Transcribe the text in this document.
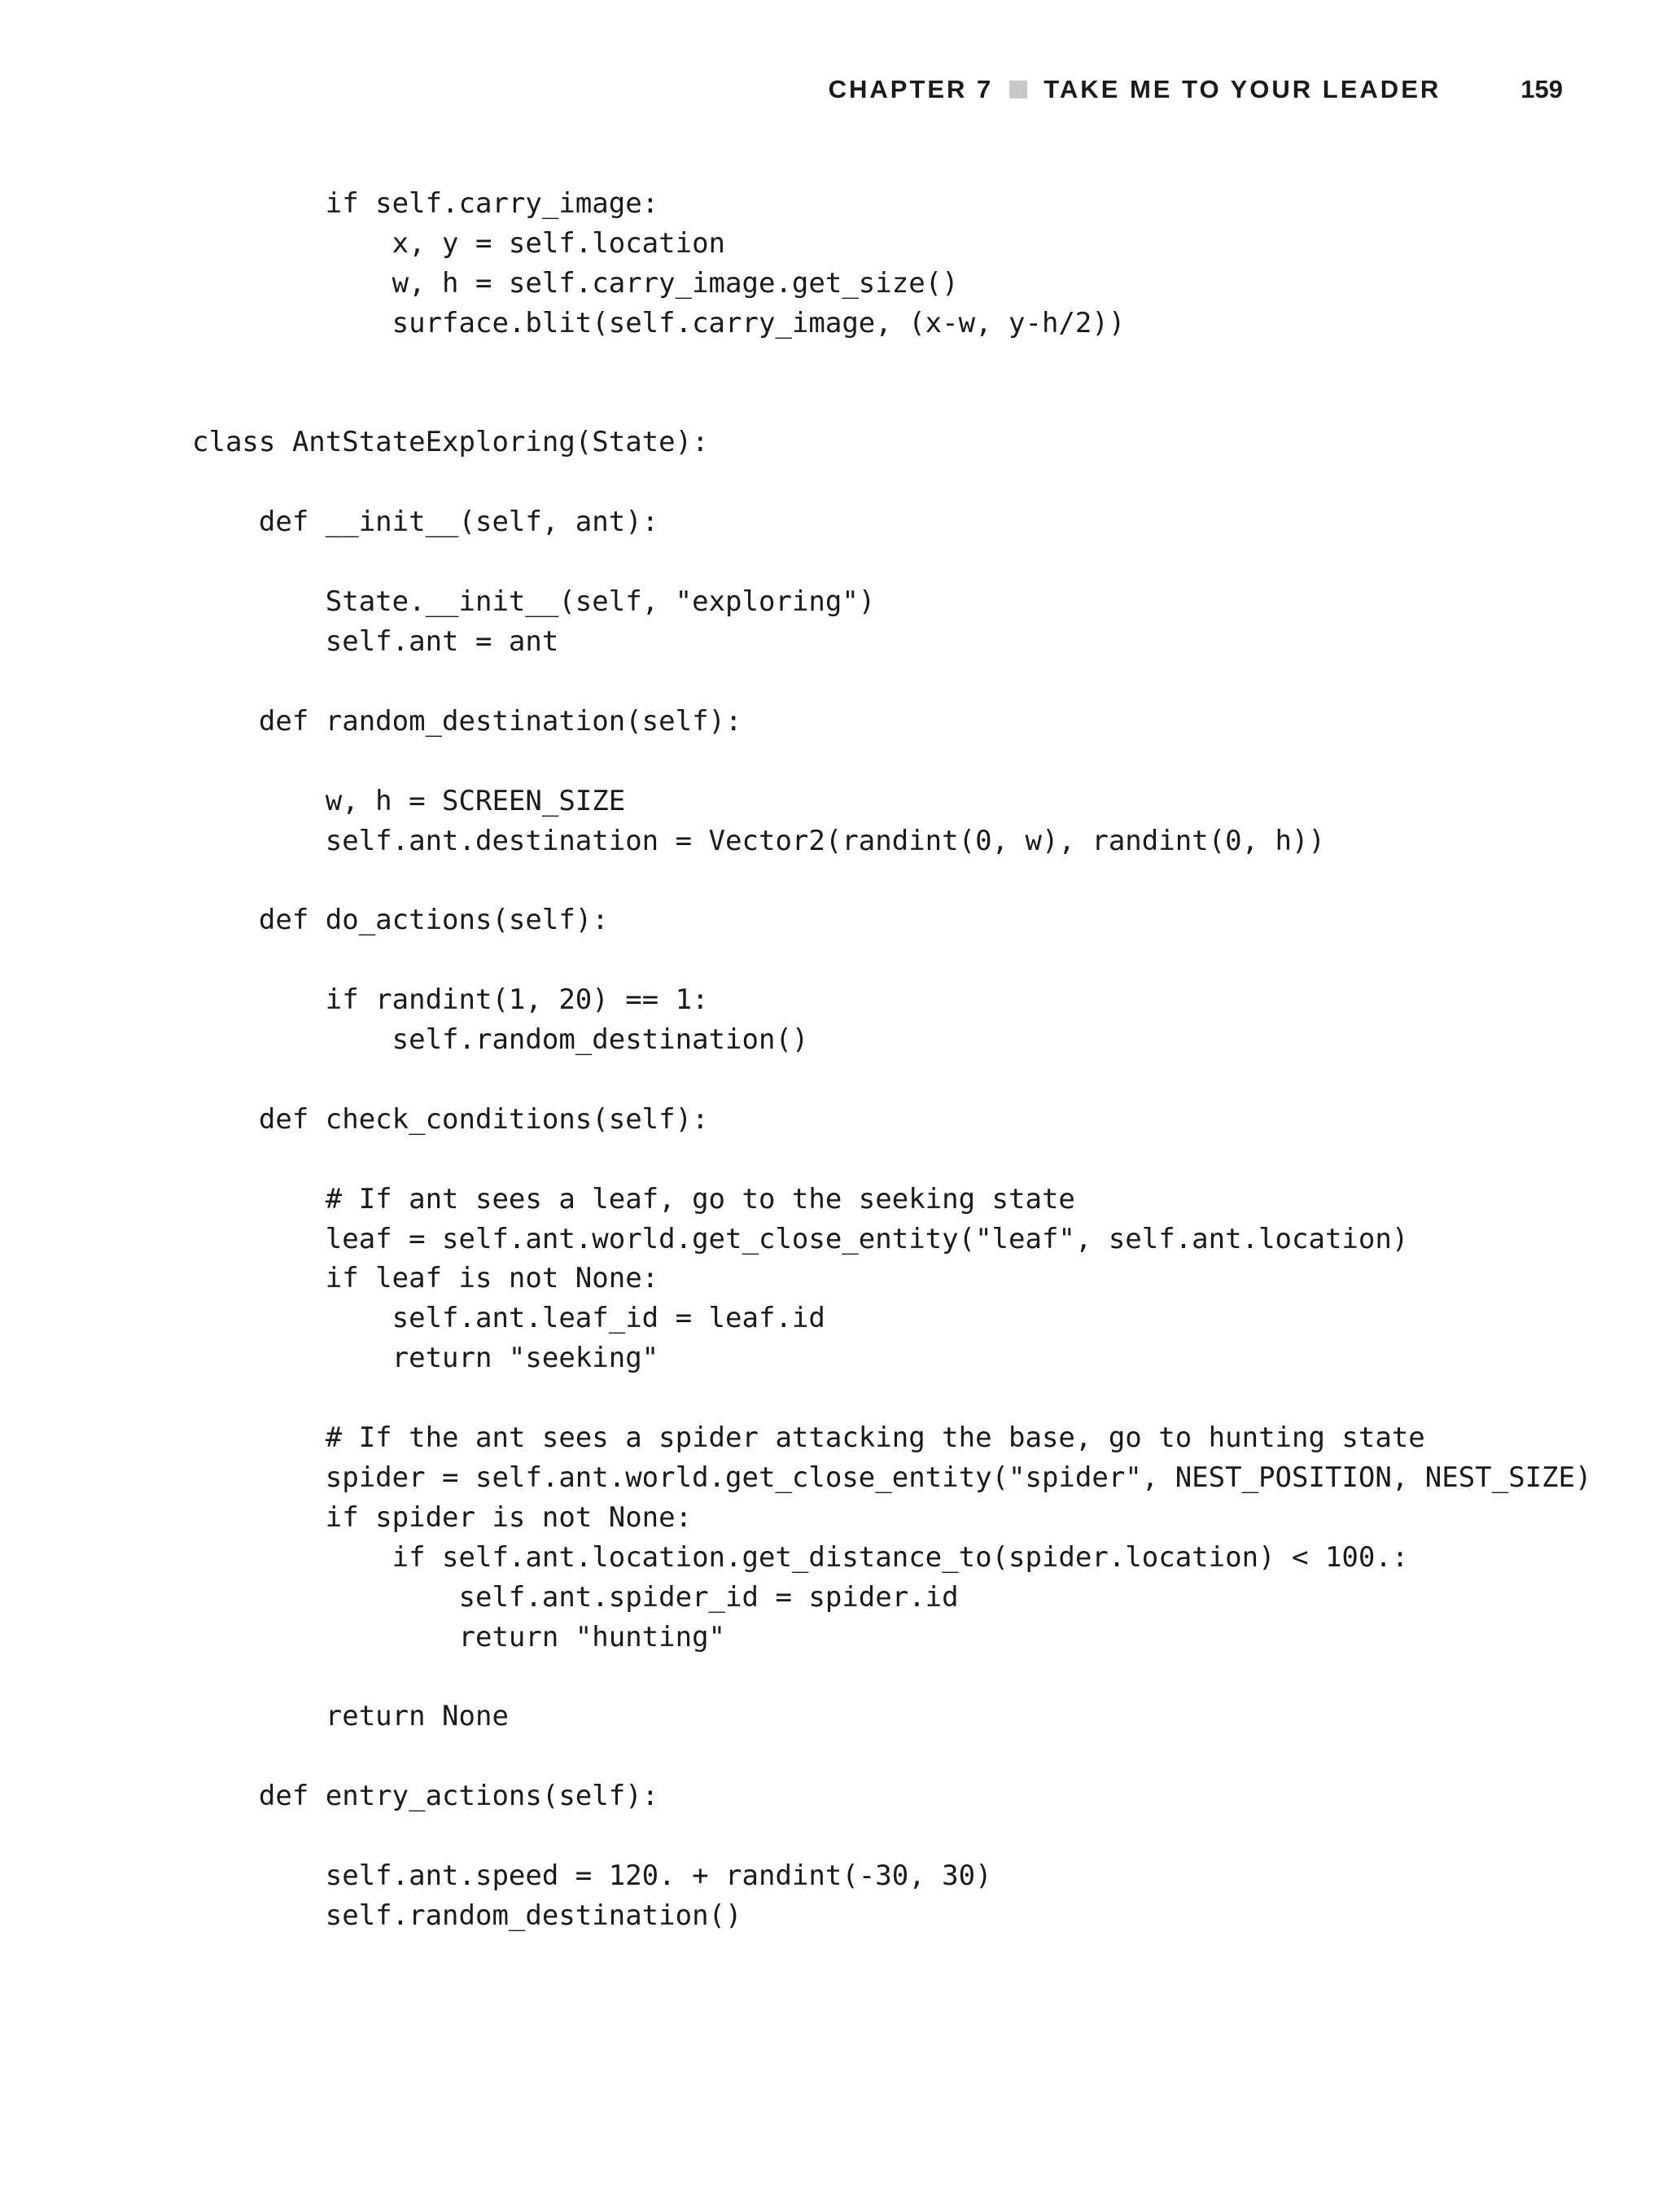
CHAPTER 7 TAKE ME TO YOUR LEADER	159
if self.carry_image:
x, y = self.location
w, h = self.carry_image.get_size()
surface.blit(self.carry_image, (x-w, y-h/2))

class AntStateExploring(State):

def __init__(self, ant):

State.__init__(self, "exploring")
self.ant = ant

def random_destination(self):

w, h = SCREEN_SIZE
self.ant.destination = Vector2(randint(0, w), randint(0, h))

def do_actions(self):

if randint(1, 20) == 1:
self.random_destination()

def check_conditions(self):

# If ant sees a leaf, go to the seeking state
leaf = self.ant.world.get_close_entity("leaf", self.ant.location)
if leaf is not None:
self.ant.leaf_id = leaf.id
return "seeking"

# If the ant sees a spider attacking the base, go to hunting state
spider = self.ant.world.get_close_entity("spider", NEST_POSITION, NEST_SIZE)
if spider is not None:
if self.ant.location.get_distance_to(spider.location) < 100.:
self.ant.spider_id = spider.id
return "hunting"

return None

def entry_actions(self):

self.ant.speed = 120. + randint(-30, 30)
self.random_destination()
